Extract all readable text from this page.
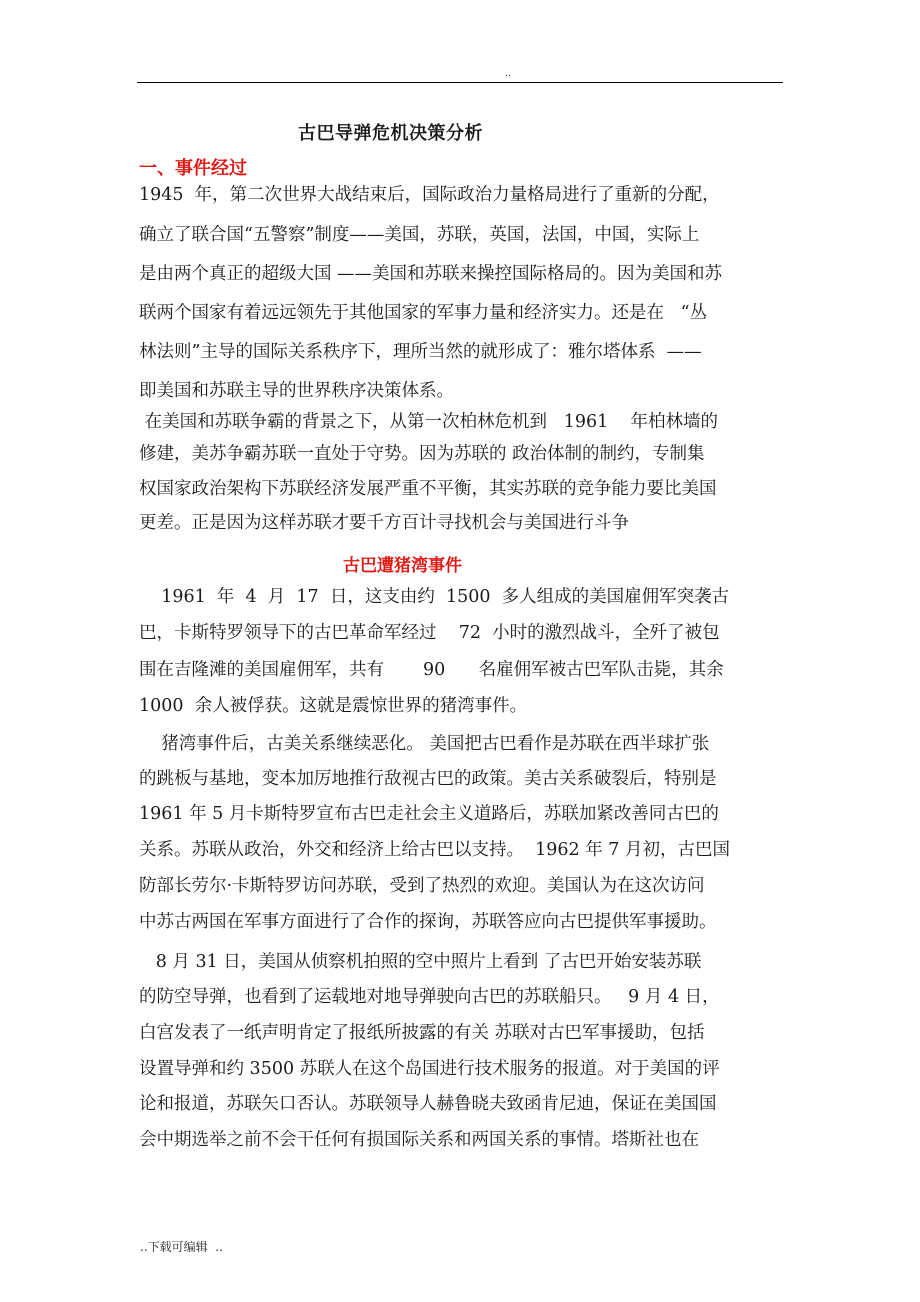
..
古巴导弹危机决策分析
一、事件经过
1945  年，第二次世界大战结束后，国际政治力量格局进行了重新的分配，
确立了联合国“五警察”制度——美国，苏联，英国，法国，中国，实际上
是由两个真正的超级大国 ——美国和苏联来操控国际格局的。因为美国和苏
联两个国家有着远远领先于其他国家的军事力量和经济实力。还是在   “丛
林法则”主导的国际关系秩序下，理所当然的就形成了：雅尔塔体系  ——
即美国和苏联主导的世界秩序决策体系。
在美国和苏联争霸的背景之下，从第一次柏林危机到   1961    年柏林墙的
修建，美苏争霸苏联一直处于守势。因为苏联的 政治体制的制约，专制集
权国家政治架构下苏联经济发展严重不平衡，其实苏联的竞争能力要比美国
更差。正是因为这样苏联才要千方百计寻找机会与美国进行斗争
古巴遭猪湾事件
1961  年  4  月  17  日，这支由约  1500  多人组成的美国雇佣军突袭古
巴，卡斯特罗领导下的古巴革命军经过    72  小时的激烈战斗，全歼了被包
围在吉隆滩的美国雇佣军，共有       90      名雇佣军被古巴军队击毙，其余
1000  余人被俘获。这就是震惊世界的猪湾事件。
猪湾事件后，古美关系继续恶化。 美国把古巴看作是苏联在西半球扩张
的跳板与基地，变本加厉地推行敌视古巴的政策。美古关系破裂后，特别是
1961 年 5 月卡斯特罗宣布古巴走社会主义道路后，苏联加紧改善同古巴的
关系。苏联从政治，外交和经济上给古巴以支持。  1962 年 7 月初，古巴国
防部长劳尔·卡斯特罗访问苏联，受到了热烈的欢迎。美国认为在这次访问
中苏古两国在军事方面进行了合作的探询，苏联答应向古巴提供军事援助。
8 月 31 日，美国从侦察机拍照的空中照片上看到 了古巴开始安装苏联
的防空导弹，也看到了运载地对地导弹驶向古巴的苏联船只。   9 月 4 日，
白宫发表了一纸声明肯定了报纸所披露的有关 苏联对古巴军事援助，包括
设置导弹和约 3500 苏联人在这个岛国进行技术服务的报道。对于美国的评
论和报道，苏联矢口否认。苏联领导人赫鲁晓夫致函肯尼迪，保证在美国国
会中期选举之前不会干任何有损国际关系和两国关系的事情。塔斯社也在
..下载可编辑  ..
